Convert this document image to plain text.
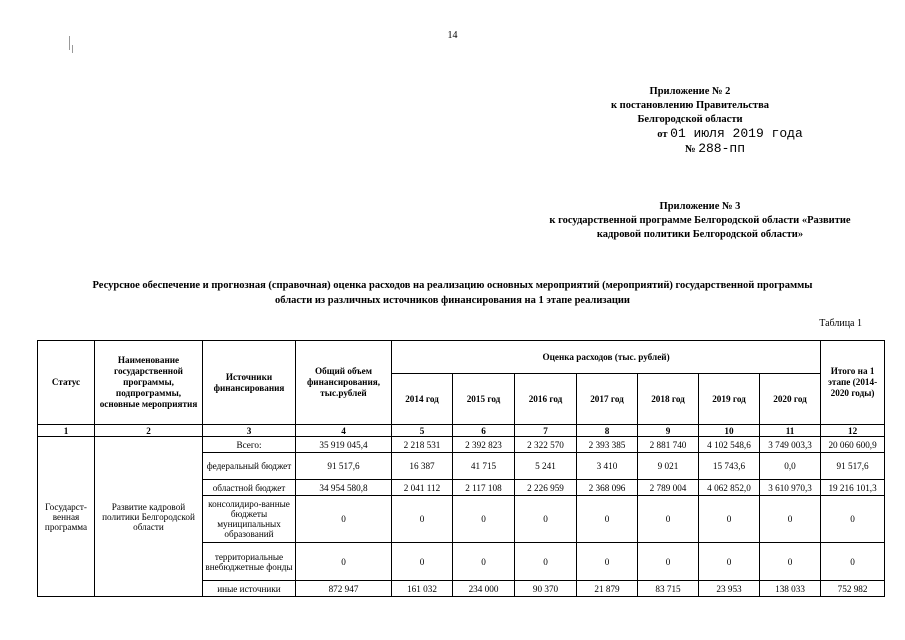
14
Приложение № 2
к постановлению Правительства
Белгородской области
от 01 июля 2019 года
№ 288-пп
Приложение № 3
к государственной программе Белгородской области «Развитие
кадровой политики Белгородской области»
Ресурсное обеспечение и прогнозная (справочная) оценка расходов на реализацию основных мероприятий (мероприятий) государственной программы
области из различных источников финансирования на 1 этапе реализации
Таблица 1
Статус	Наименование государственной программы, подпрограммы, основные мероприятия	Источники финансирования	Общий объем финансирования, тыс.рублей	Оценка расходов (тыс. рублей)							Итого на 1 этапе (2014-2020 годы)
				2014 год	2015 год	2016 год	2017 год	2018 год	2019 год	2020 год	
1	2	3	4	5	6	7	8	9	10	11	12
Государст-венная программа	Развитие кадровой политики Белгородской области	Всего:	35 919 045,4	2 218 531	2 392 823	2 322 570	2 393 385	2 881 740	4 102 548,6	3 749 003,3	20 060 600,9
		федеральный бюджет	91 517,6	16 387	41 715	5 241	3 410	9 021	15 743,6	0,0	91 517,6
		областной бюджет	34 954 580,8	2 041 112	2 117 108	2 226 959	2 368 096	2 789 004	4 062 852,0	3 610 970,3	19 216 101,3
		консолидиро-ванные бюджеты муниципальных образований	0	0	0	0	0	0	0	0	0
		территориальные внебюджетные фонды	0	0	0	0	0	0	0	0	0
		иные источники	872 947	161 032	234 000	90 370	21 879	83 715	23 953	138 033	752 982
